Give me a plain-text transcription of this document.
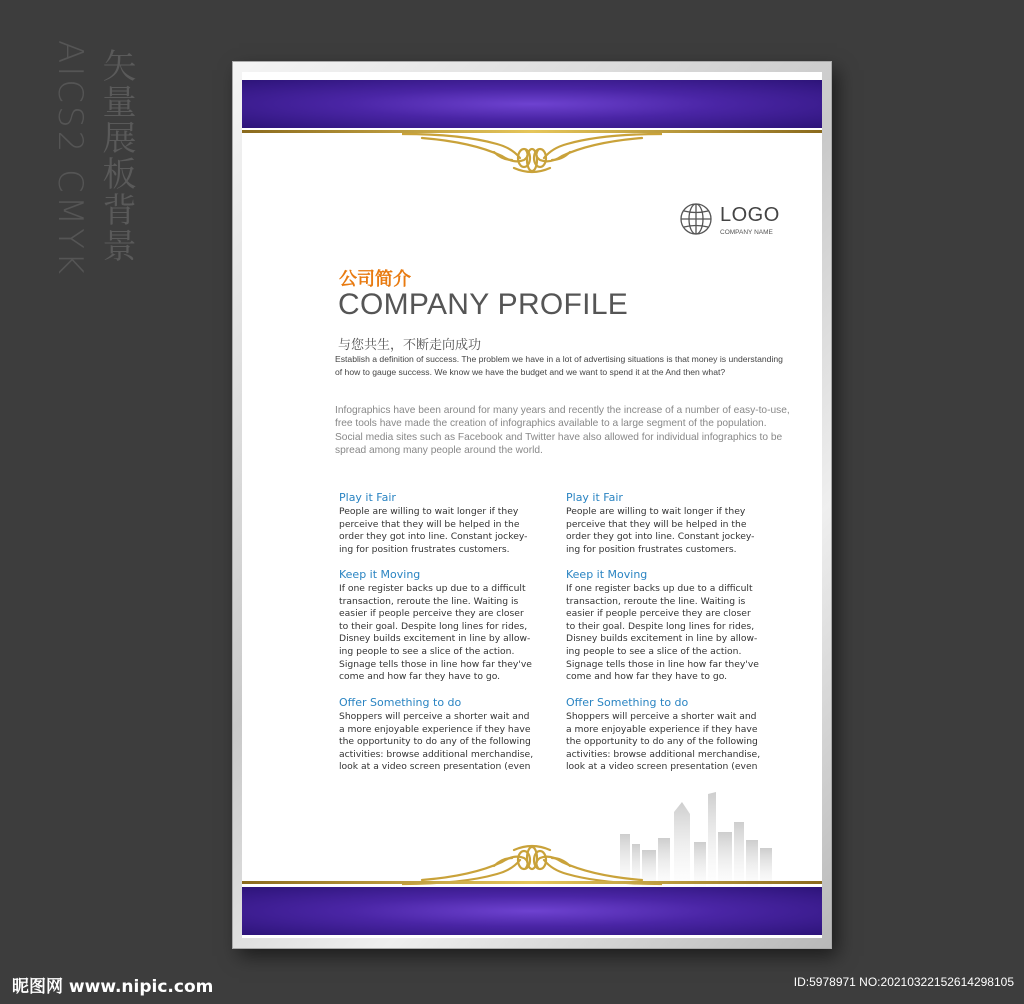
矢量展板背景
AICS2 CMYK	LOGO
COMPANY NAME
公司简介
COMPANY PROFILE
与您共生，不断走向成功
Establish a definition of success. The problem we have in a lot of advertising situations is that money is understanding of how to gauge success. We know we have the budget and we want to spend it at the And then what?
Infographics have been around for many years and recently the increase of a number of easy-to-use, free tools have made the creation of infographics available to a large segment of the population. Social media sites such as Facebook and Twitter have also allowed for individual infographics to be spread among many people around the world.

Play it Fair

People are willing to wait longer if they
perceive that they will be helped in the
order they got into line. Constant jockey-
ing for position frustrates customers.

Keep it Moving

If one register backs up due to a difficult
transaction, reroute the line. Waiting is
easier if people perceive they are closer
to their goal. Despite long lines for rides,
Disney builds excitement in line by allow-
ing people to see a slice of the action.
Signage tells those in line how far they've
come and how far they have to go.

Offer Something to do

Shoppers will perceive a shorter wait and
a more enjoyable experience if they have
the opportunity to do any of the following
activities: browse additional merchandise,
look at a video screen presentation (even

Play it Fair

People are willing to wait longer if they
perceive that they will be helped in the
order they got into line. Constant jockey-
ing for position frustrates customers.

Keep it Moving

If one register backs up due to a difficult
transaction, reroute the line. Waiting is
easier if people perceive they are closer
to their goal. Despite long lines for rides,
Disney builds excitement in line by allow-
ing people to see a slice of the action.
Signage tells those in line how far they've
come and how far they have to go.

Offer Something to do

Shoppers will perceive a shorter wait and
a more enjoyable experience if they have
the opportunity to do any of the following
activities: browse additional merchandise,
look at a video screen presentation (even

昵图网 www.nipic.com	ID:5978971 NO:20210322152614298105
